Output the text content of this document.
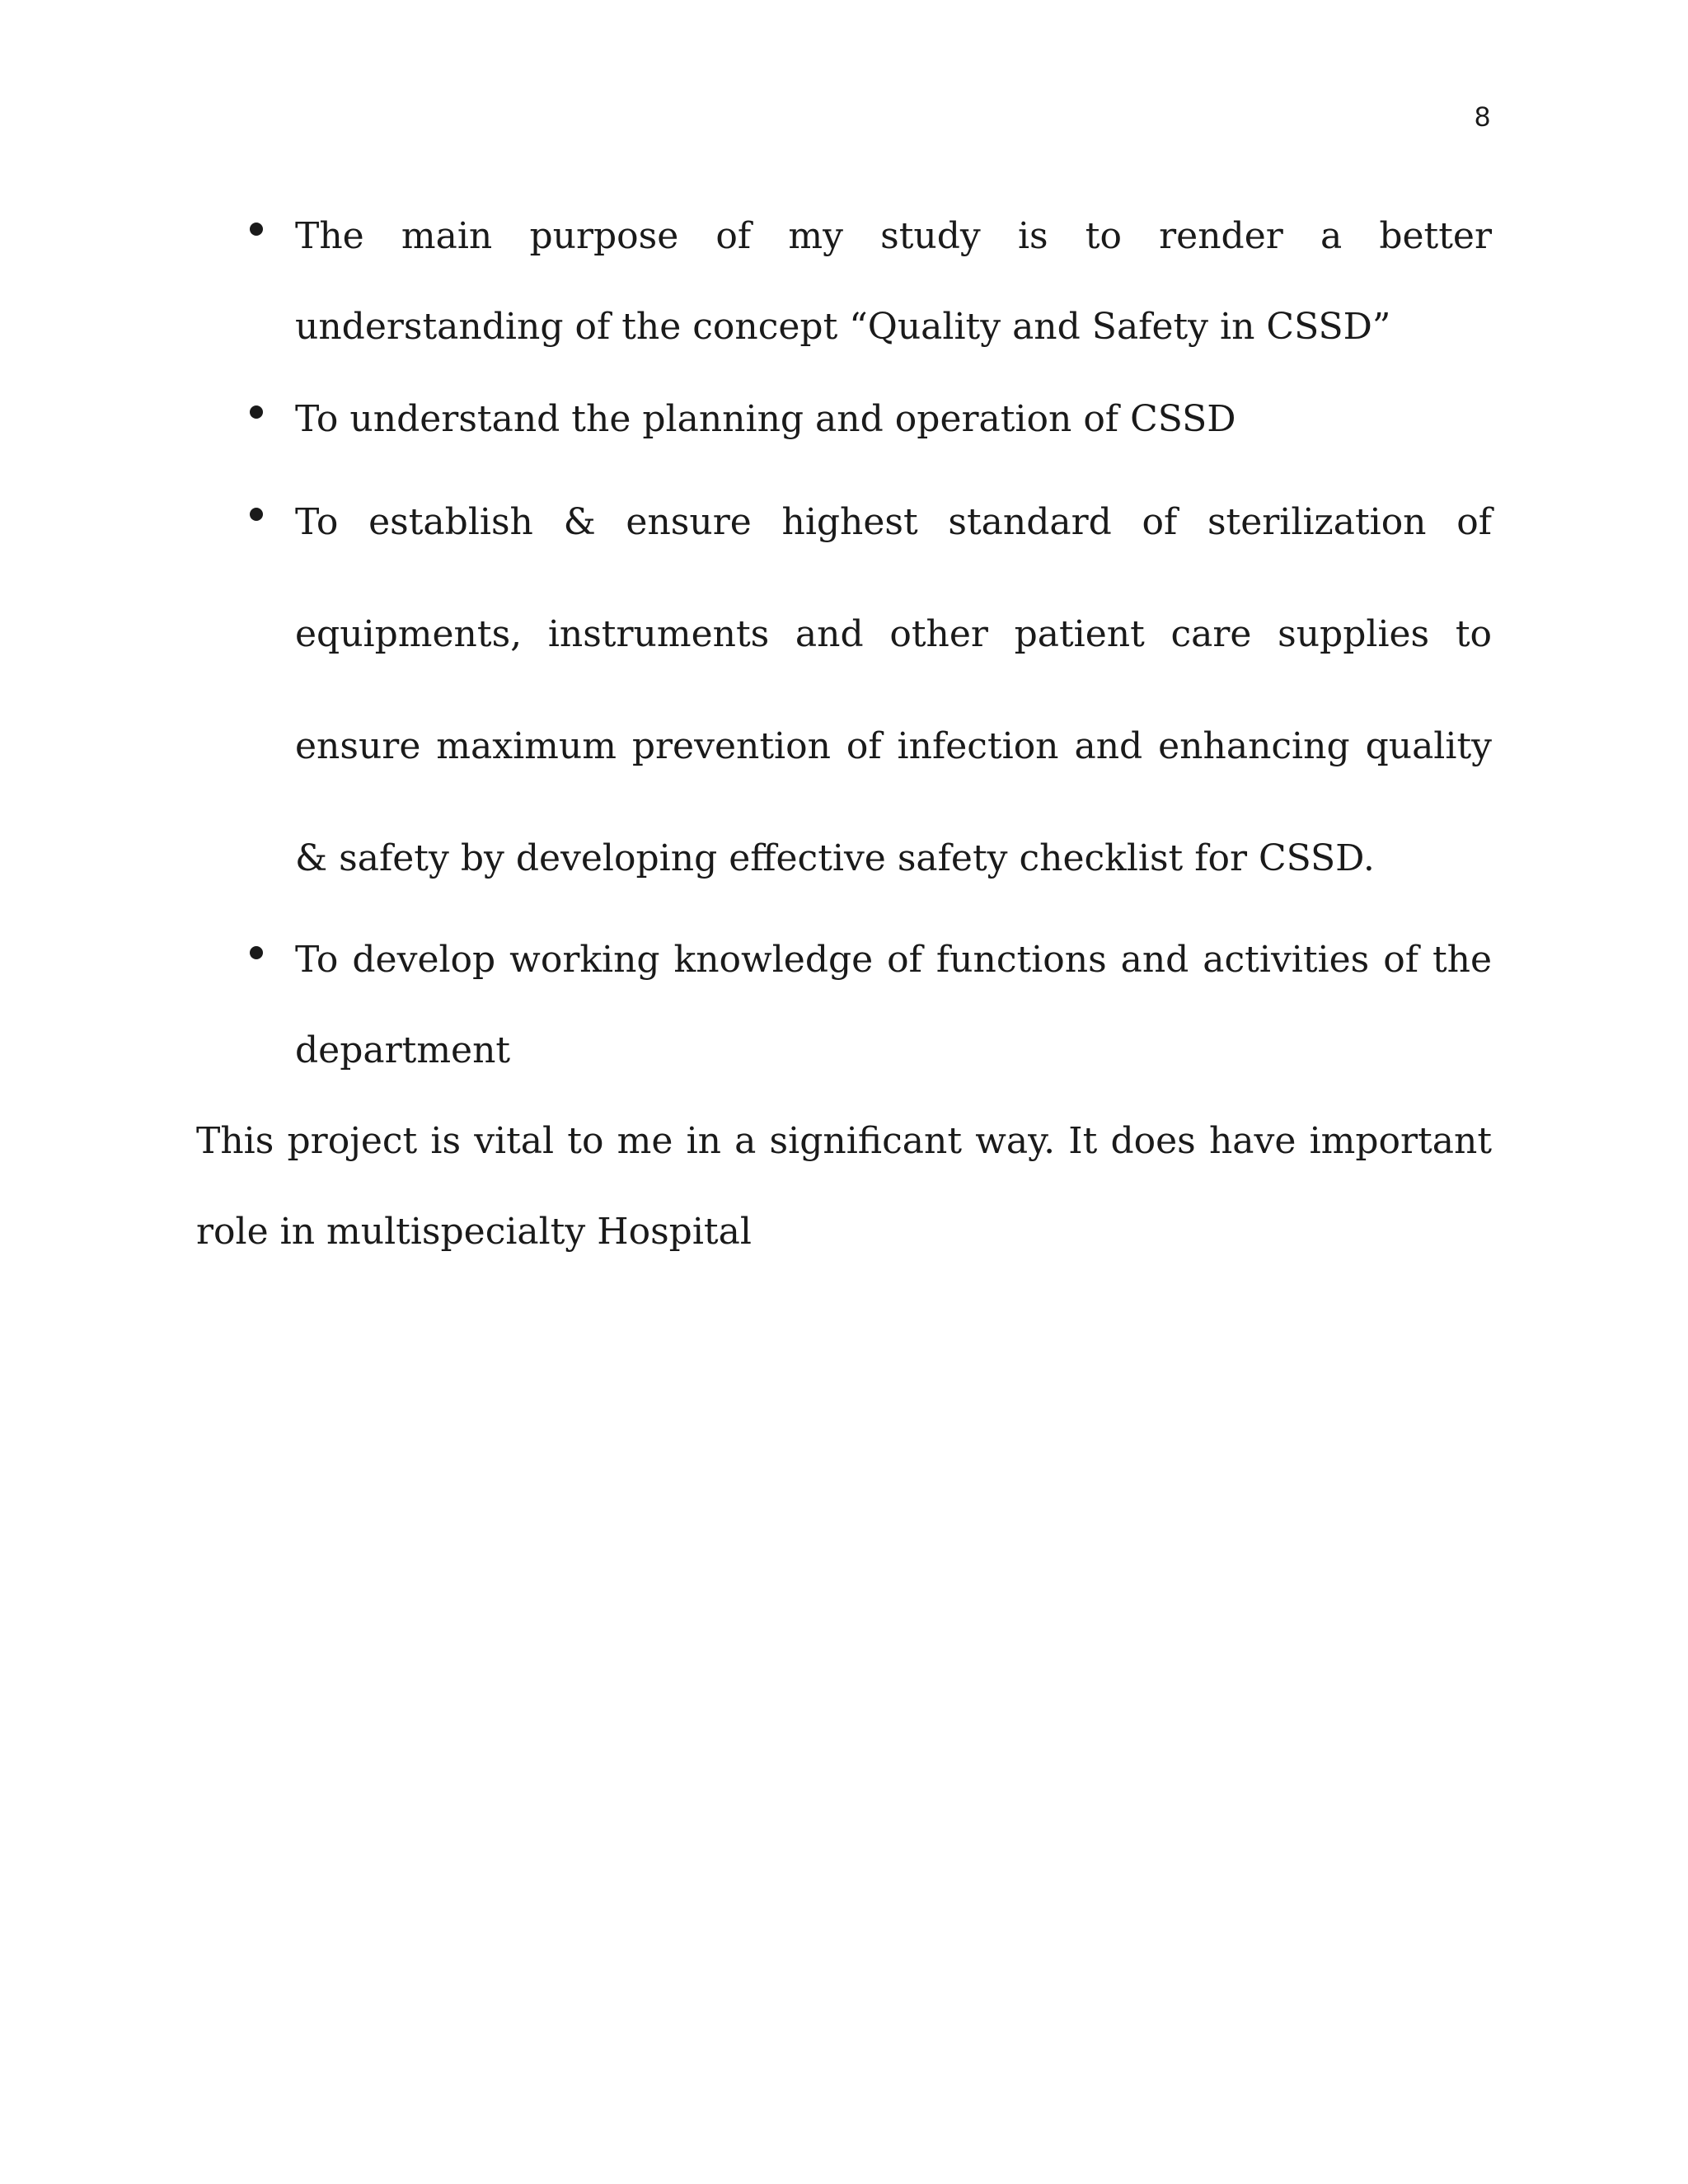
8
The main purpose of my study is to render a better understanding of the concept “Quality and Safety in CSSD”
To understand the planning and operation of CSSD
To establish & ensure highest standard of sterilization of equipments, instruments and other patient care supplies to ensure maximum prevention of infection and enhancing quality & safety by developing effective safety checklist for CSSD.
To develop working knowledge of functions and activities of the department

This project is vital to me in a significant way. It does have important role in multispecialty Hospital
